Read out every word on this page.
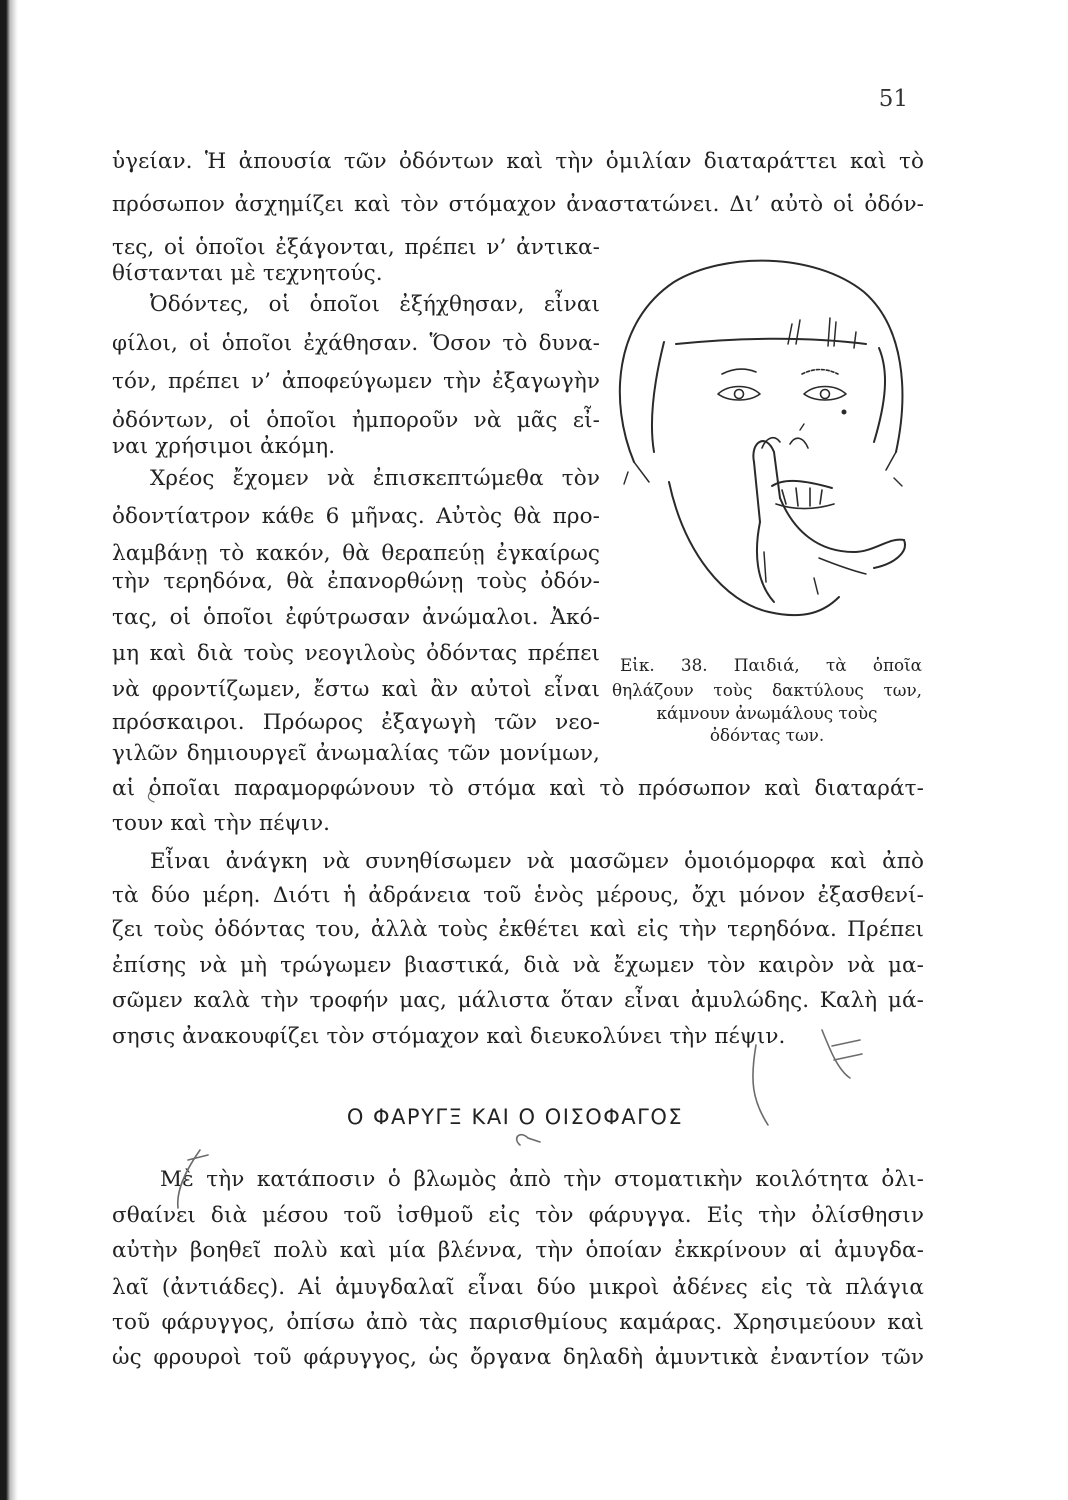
51
ὑγείαν. Ἡ ἀπουσία τῶν ὀδόντων καὶ τὴν ὁμιλίαν διαταράττει καὶ τὸ
πρόσωπον ἀσχημίζει καὶ τὸν στόμαχον ἀναστατώνει. Δι’ αὐτὸ οἱ ὀδόν-
τες, οἱ ὁποῖοι ἐξάγονται, πρέπει ν’ ἀντικα-
θίστανται μὲ τεχνητούς.
Ὀδόντες, οἱ ὁποῖοι ἐξήχθησαν, εἶναι
φίλοι, οἱ ὁποῖοι ἐχάθησαν. Ὅσον τὸ δυνα-
τόν, πρέπει ν’ ἀποφεύγωμεν τὴν ἐξαγωγὴν
ὀδόντων, οἱ ὁποῖοι ἠμποροῦν νὰ μᾶς εἶ-
ναι χρήσιμοι ἀκόμη.
Χρέος ἔχομεν νὰ ἐπισκεπτώμεθα τὸν
ὀδοντίατρον κάθε 6 μῆνας. Αὐτὸς θὰ προ-
λαμβάνῃ τὸ κακόν, θὰ θεραπεύῃ ἐγκαίρως
τὴν τερηδόνα, θὰ ἐπανορθώνῃ τοὺς ὀδόν-
τας, οἱ ὁποῖοι ἐφύτρωσαν ἀνώμαλοι. Ἀκό-
μη καὶ διὰ τοὺς νεογιλοὺς ὀδόντας πρέπει
νὰ φροντίζωμεν, ἔστω καὶ ἂν αὐτοὶ εἶναι
πρόσκαιροι. Πρόωρος ἐξαγωγὴ τῶν νεο-
γιλῶν δημιουργεῖ ἀνωμαλίας τῶν μονίμων,
αἱ ὁποῖαι παραμορφώνουν τὸ στόμα καὶ τὸ πρόσωπον καὶ διαταράτ-
τουν καὶ τὴν πέψιν.
Εἶναι ἀνάγκη νὰ συνηθίσωμεν νὰ μασῶμεν ὁμοιόμορφα καὶ ἀπὸ
τὰ δύο μέρη. Διότι ἡ ἀδράνεια τοῦ ἑνὸς μέρους, ὄχι μόνον ἐξασθενί-
ζει τοὺς ὀδόντας του, ἀλλὰ τοὺς ἐκθέτει καὶ εἰς τὴν τερηδόνα. Πρέπει
ἐπίσης νὰ μὴ τρώγωμεν βιαστικά, διὰ νὰ ἔχωμεν τὸν καιρὸν νὰ μα-
σῶμεν καλὰ τὴν τροφήν μας, μάλιστα ὅταν εἶναι ἀμυλώδης. Καλὴ μά-
σησις ἀνακουφίζει τὸν στόμαχον καὶ διευκολύνει τὴν πέψιν.
Ο ΦΑΡΥΓΞ ΚΑΙ Ο ΟΙΣΟΦΑΓΟΣ
Μὲ τὴν κατάποσιν ὁ βλωμὸς ἀπὸ τὴν στοματικὴν κοιλότητα ὀλι-
σθαίνει διὰ μέσου τοῦ ἰσθμοῦ εἰς τὸν φάρυγγα. Εἰς τὴν ὀλίσθησιν
αὐτὴν βοηθεῖ πολὺ καὶ μία βλέννα, τὴν ὁποίαν ἐκκρίνουν αἱ ἀμυγδα-
λαῖ (ἀντιάδες). Αἱ ἀμυγδαλαῖ εἶναι δύο μικροὶ ἀδένες εἰς τὰ πλάγια
τοῦ φάρυγγος, ὀπίσω ἀπὸ τὰς παρισθμίους καμάρας. Χρησιμεύουν καὶ
ὡς φρουροὶ τοῦ φάρυγγος, ὡς ὄργανα δηλαδὴ ἀμυντικὰ ἐναντίον τῶν
Εἰκ. 38. Παιδιά, τὰ ὁποῖα
θηλάζουν τοὺς δακτύλους των,
κάμνουν ἀνωμάλους τοὺς
ὀδόντας των.
